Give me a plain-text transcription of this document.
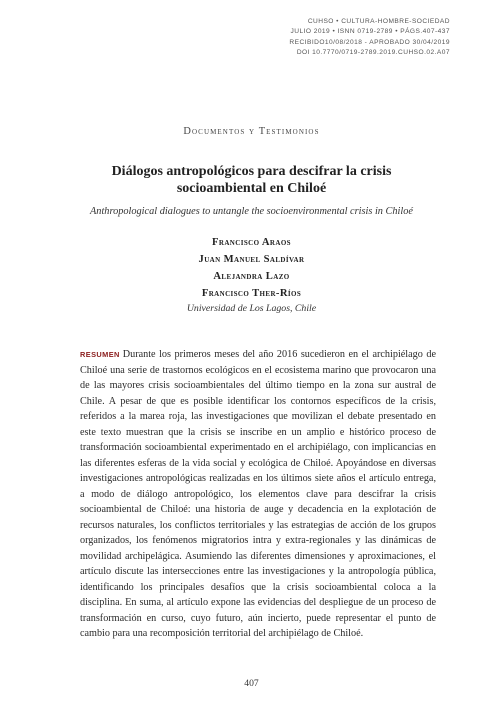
CUHSO • CULTURA-HOMBRE-SOCIEDAD
JULIO 2019 • ISNN 0719-2789 • PÁGS.407-437
RECIBIDO10/08/2018 - APROBADO 30/04/2019
DOI 10.7770/0719-2789.2019.CUHSO.02.A07
Documentos y Testimonios
Diálogos antropológicos para descifrar la crisis
socioambiental en Chiloé
Anthropological dialogues to untangle the socioenvironmental crisis in Chiloé
Francisco Araos
Juan Manuel Saldívar
Alejandra Lazo
Francisco Ther-Ríos
Universidad de Los Lagos, Chile

RESUMEN Durante los primeros meses del año 2016 sucedieron en el archipiélago de Chiloé una serie de trastornos ecológicos en el ecosistema marino que provocaron una de las mayores crisis socioambientales del último tiempo en la zona sur austral de Chile. A pesar de que es posible identificar los contornos específicos de la crisis, referidos a la marea roja, las investigaciones que movilizan el debate presentado en este texto muestran que la crisis se inscribe en un amplio e histórico proceso de transformación socioambiental experimentado en el archipiélago, con implicancias en las diferentes esferas de la vida social y ecológica de Chiloé. Apoyándose en diversas investigaciones antropológicas realizadas en los últimos siete años el artículo entrega, a modo de diálogo antropológico, los elementos clave para descifrar la crisis socioambiental de Chiloé: una historia de auge y decadencia en la explotación de recursos naturales, los conflictos territoriales y las estrategias de acción de los grupos organizados, los fenómenos migratorios intra y extra-regionales y las dinámicas de movilidad archipelágica. Asumiendo las diferentes dimensiones y aproximaciones, el artículo discute las intersecciones entre las investigaciones y la antropología pública, identificando los principales desafíos que la crisis socioambiental coloca a la disciplina. En suma, al artículo expone las evidencias del despliegue de un proceso de transformación en curso, cuyo futuro, aún incierto, puede representar el punto de cambio para una recomposición territorial del archipiélago de Chiloé.

407
